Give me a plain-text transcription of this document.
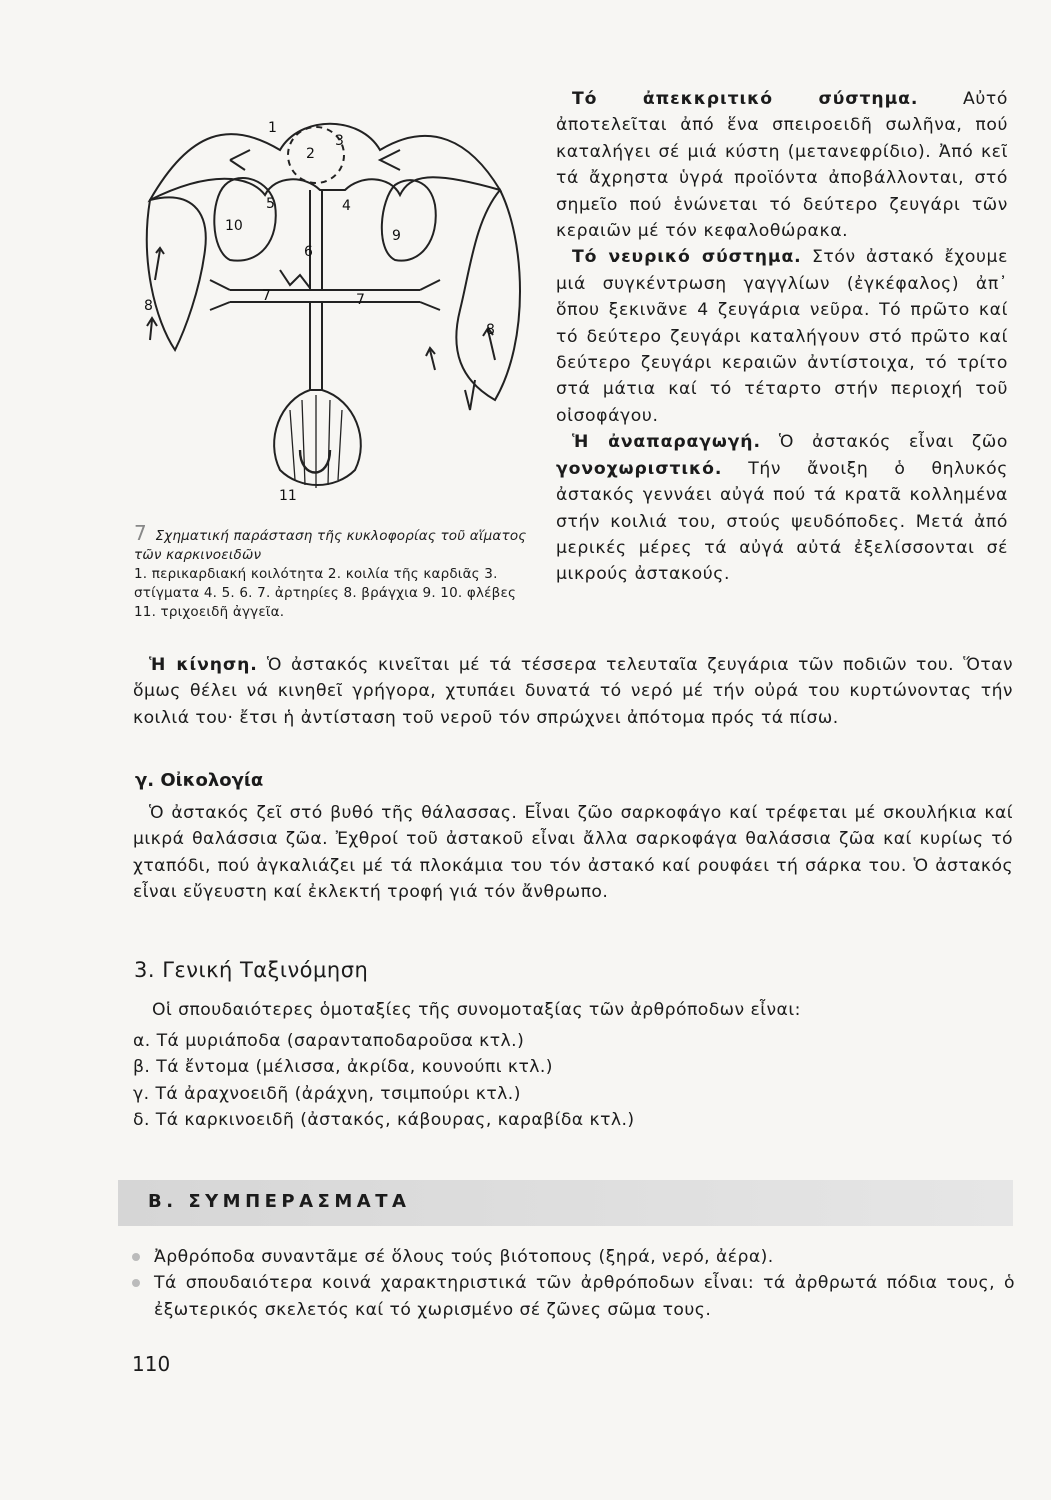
1
2
3
4
5
6
7	7
8
8
9
10
11
7 Σχηματική παράσταση τῆς κυκλοφορίας τοῦ αἵματος τῶν καρκινοειδῶν
1. περικαρδιακή κοιλότητα 2. κοιλία τῆς καρδιᾶς 3. στίγματα 4. 5. 6. 7. ἀρτηρίες 8. βράγχια 9. 10. φλέβες 11. τριχοειδῆ ἀγγεῖα.

Τό ἀπεκκριτικό σύστημα. Αὐτό ἀποτελεῖται ἀπό ἕνα σπειροειδῆ σωλῆνα, πού καταλήγει σέ μιά κύστη (μετανεφρίδιο). Ἀπό κεῖ τά ἄχρηστα ὑγρά προϊόντα ἀποβάλλονται, στό σημεῖο πού ἑνώνεται τό δεύτερο ζευγάρι τῶν κεραιῶν μέ τόν κεφαλοθώρακα.

Τό νευρικό σύστημα. Στόν ἀστακό ἔχουμε μιά συγκέντρωση γαγγλίων (ἐγκέφαλος) ἀπ᾽ ὅπου ξεκινᾶνε 4 ζευγάρια νεῦρα. Τό πρῶτο καί τό δεύτερο ζευγάρι καταλήγουν στό πρῶτο καί δεύτερο ζευγάρι κεραιῶν ἀντίστοιχα, τό τρίτο στά μάτια καί τό τέταρτο στήν περιοχή τοῦ οἰσοφάγου.

Ἡ ἀναπαραγωγή. Ὁ ἀστακός εἶναι ζῶο γονοχωριστικό. Τήν ἄνοιξη ὁ θηλυκός ἀστακός γεννάει αὐγά πού τά κρατᾶ κολλημένα στήν κοιλιά του, στούς ψευδόποδες. Μετά ἀπό μερικές μέρες τά αὐγά αὐτά ἐξελίσσονται σέ μικρούς ἀστακούς.

Ἡ κίνηση. Ὁ ἀστακός κινεῖται μέ τά τέσσερα τελευταῖα ζευγάρια τῶν ποδιῶν του. Ὅταν ὅμως θέλει νά κινηθεῖ γρήγορα, χτυπάει δυνατά τό νερό μέ τήν οὐρά του κυρτώνοντας τήν κοιλιά του· ἔτσι ἡ ἀντίσταση τοῦ νεροῦ τόν σπρώχνει ἀπότομα πρός τά πίσω.

γ. Οἰκολογία

Ὁ ἀστακός ζεῖ στό βυθό τῆς θάλασσας. Εἶναι ζῶο σαρκοφάγο καί τρέφεται μέ σκουλήκια καί μικρά θαλάσσια ζῶα. Ἐχθροί τοῦ ἀστακοῦ εἶναι ἄλλα σαρκοφάγα θαλάσσια ζῶα καί κυρίως τό χταπόδι, πού ἀγκαλιάζει μέ τά πλοκάμια του τόν ἀστακό καί ρουφάει τή σάρκα του. Ὁ ἀστακός εἶναι εὔγευστη καί ἐκλεκτή τροφή γιά τόν ἄνθρωπο.

3. Γενική Ταξινόμηση
Οἱ σπουδαιότερες ὁμοταξίες τῆς συνομοταξίας τῶν ἀρθρόποδων εἶναι:
α. Τά μυριάποδα (σαρανταποδαροῦσα κτλ.)
β. Τά ἔντομα (μέλισσα, ἀκρίδα, κουνούπι κτλ.)
γ. Τά ἀραχνοειδῆ (ἀράχνη, τσιμπούρι κτλ.)
δ. Τά καρκινοειδῆ (ἀστακός, κάβουρας, καραβίδα κτλ.)
Β. ΣΥΜΠΕΡΑΣΜΑΤΑ
Ἀρθρόποδα συναντᾶμε σέ ὅλους τούς βιότοπους (ξηρά, νερό, ἀέρα).
Τά σπουδαιότερα κοινά χαρακτηριστικά τῶν ἀρθρόποδων εἶναι: τά ἀρθρωτά πόδια τους, ὁ ἐξωτερικός σκελετός καί τό χωρισμένο σέ ζῶνες σῶμα τους.
110
